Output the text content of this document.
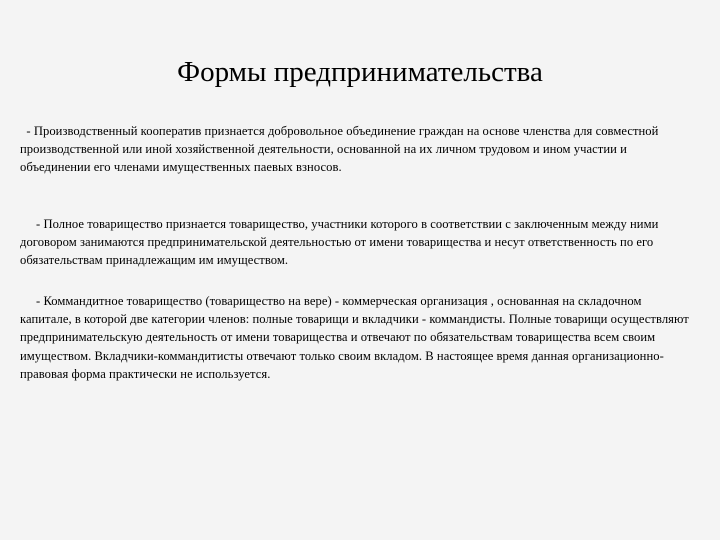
Формы предпринимательства

- Производственный кооператив признается добровольное объединение граждан на основе членства для совместной производственной или иной хозяйственной деятельности, основанной на их личном трудовом и ином участии и объединении его членами имущественных паевых взносов.

- Полное товарищество признается товарищество, участники которого в соответствии с заключенным между ними договором занимаются предпринимательской деятельностью от имени товарищества и несут ответственность по его обязательствам принадлежащим им имуществом.

- Коммандитное товарищество (товарищество на вере) - коммерческая организация , основанная на складочном капитале, в которой две категории членов: полные товарищи и вкладчики - коммандисты. Полные товарищи осуществляют предпринимательскую деятельность от имени товарищества и отвечают по обязательствам товарищества всем своим имуществом. Вкладчики-коммандитисты отвечают только своим вкладом. В настоящее время данная организационно-правовая форма практически не используется.
